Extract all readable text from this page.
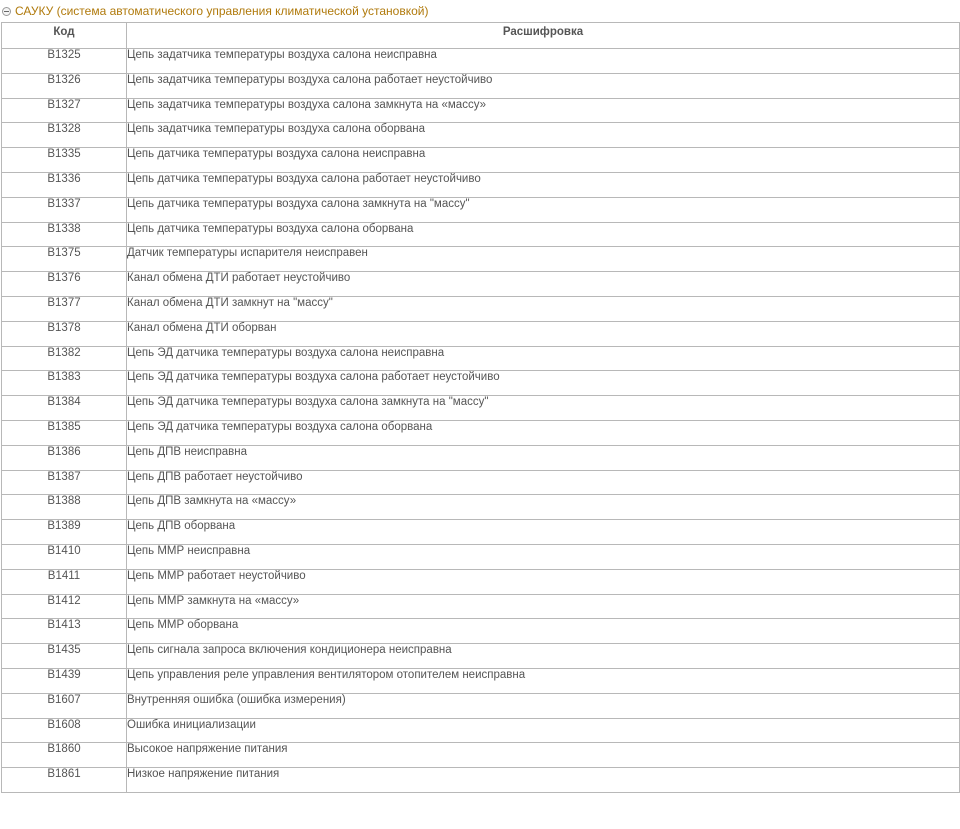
САУКУ (система автоматического управления климатической установкой)
Код	Расшифровка
B1325	Цепь задатчика температуры воздуха салона неисправна
B1326	Цепь задатчика температуры воздуха салона работает неустойчиво
B1327	Цепь задатчика температуры воздуха салона замкнута на «массу»
B1328	Цепь задатчика температуры воздуха салона оборвана
B1335	Цепь датчика температуры воздуха салона неисправна
B1336	Цепь датчика температуры воздуха салона работает неустойчиво
B1337	Цепь датчика температуры воздуха салона замкнута на "массу"
B1338	Цепь датчика температуры воздуха салона оборвана
B1375	Датчик температуры испарителя неисправен
B1376	Канал обмена ДТИ работает неустойчиво
B1377	Канал обмена ДТИ замкнут на "массу"
B1378	Канал обмена ДТИ оборван
B1382	Цепь ЭД датчика температуры воздуха салона неисправна
B1383	Цепь ЭД датчика температуры воздуха салона работает неустойчиво
B1384	Цепь ЭД датчика температуры воздуха салона замкнута на "массу"
B1385	Цепь ЭД датчика температуры воздуха салона оборвана
B1386	Цепь ДПВ неисправна
B1387	Цепь ДПВ работает неустойчиво
B1388	Цепь ДПВ замкнута на «массу»
B1389	Цепь ДПВ оборвана
B1410	Цепь ММР неисправна
B1411	Цепь ММР работает неустойчиво
B1412	Цепь ММР замкнута на «массу»
B1413	Цепь ММР оборвана
B1435	Цепь сигнала запроса включения кондиционера неисправна
B1439	Цепь управления реле управления вентилятором отопителем неисправна
B1607	Внутренняя ошибка (ошибка измерения)
B1608	Ошибка инициализации
B1860	Высокое напряжение питания
B1861	Низкое напряжение питания
